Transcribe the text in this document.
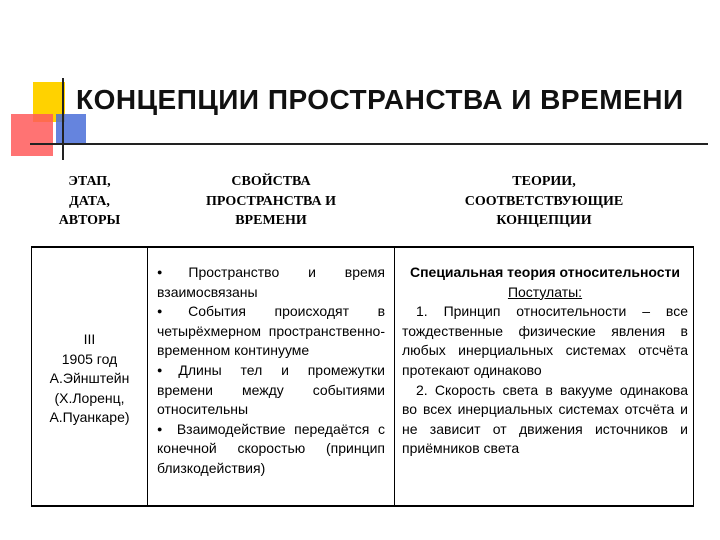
КОНЦЕПЦИИ ПРОСТРАНСТВА И ВРЕМЕНИ
ЭТАП,
ДАТА,
АВТОРЫ
СВОЙСТВА
ПРОСТРАНСТВА И
ВРЕМЕНИ
ТЕОРИИ,
СООТВЕТСТВУЮЩИЕ
КОНЦЕПЦИИ
III
1905 год
А.Эйнштейн
(Х.Лоренц,
А.Пуанкаре)
●Пространство и время взаимосвязаны
●События происходят в четырёхмерном пространственно-временном континууме
●Длины тел и промежутки времени между событиями относительны
● Взаимодействие передаётся с конечной скоростью (принцип близкодействия)
Специальная теория относительности
Постулаты:
1. Принцип относительности – все тождественные физические явления в любых инерциальных системах отсчёта протекают одинаково
2. Скорость света в вакууме одинакова во всех инерциальных системах отсчёта и не зависит от движения источников и приёмников света
